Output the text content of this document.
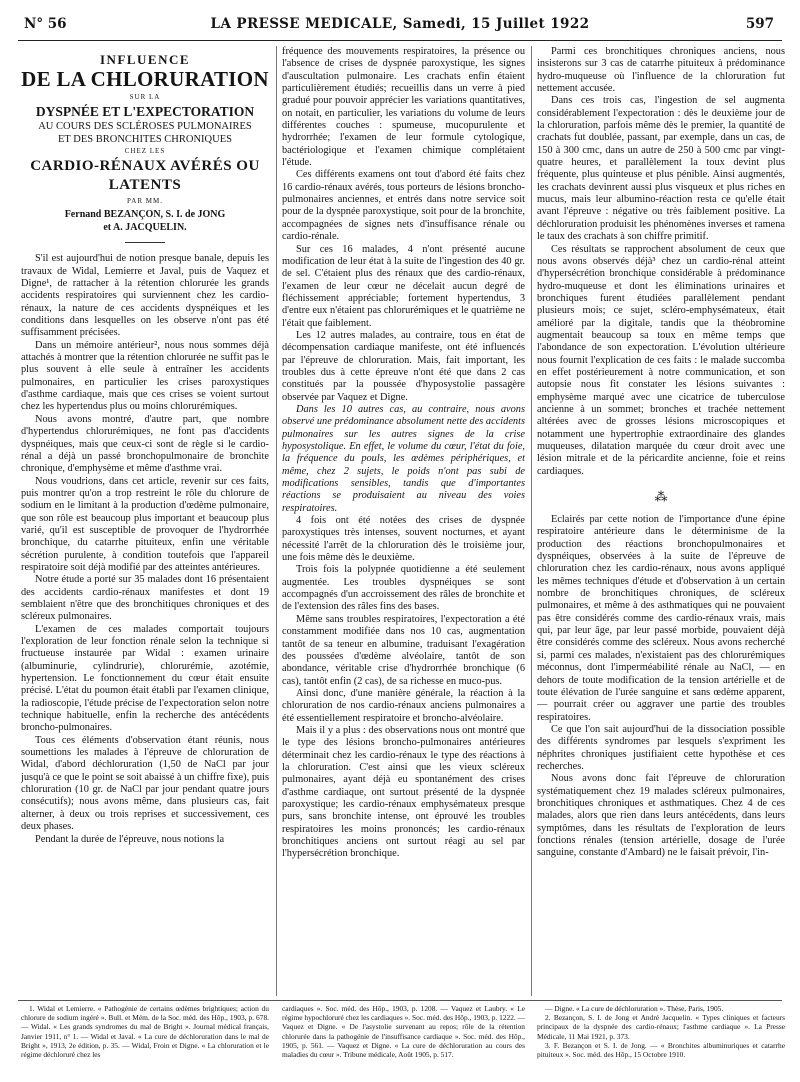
N° 56	LA PRESSE MEDICALE, Samedi, 15 Juillet 1922	597
INFLUENCE
DE LA CHLORURATION
SUR LA
DYSPNÉE ET L'EXPECTORATION
AU COURS DES SCLÉROSES PULMONAIRES
ET DES BRONCHITES CHRONIQUES
CHEZ LES
CARDIO-RÉNAUX AVÉRÉS OU LATENTS
PAR MM.
Fernand BEZANÇON, S. I. de JONG
et A. JACQUELIN.

S'il est aujourd'hui de notion presque banale, depuis les travaux de Widal, Lemierre et Javal, puis de Vaquez et Digne¹, de rattacher à la rétention chlorurée les grands accidents respiratoires qui surviennent chez les cardio-rénaux, la nature de ces accidents dyspnéiques et les conditions dans lesquelles on les observe n'ont pas été suffisamment précisées.

Dans un mémoire antérieur², nous nous sommes déjà attachés à montrer que la rétention chlorurée ne suffit pas le plus souvent à elle seule à entraîner les accidents pulmonaires, en particulier les crises paroxystiques d'asthme cardiaque, mais que ces crises se voient surtout chez les hypertendus plus ou moins chlorurémiques.

Nous avons montré, d'autre part, que nombre d'hypertendus chlorurémiques, ne font pas d'accidents dyspnéiques, mais que ceux-ci sont de règle si le cardio-rénal a déjà un passé bronchopulmonaire de bronchite chronique, d'emphysème et même d'asthme vrai.

Nous voudrions, dans cet article, revenir sur ces faits, puis montrer qu'on a trop restreint le rôle du chlorure de sodium en le limitant à la production d'œdème pulmonaire, que son rôle est beaucoup plus important et beaucoup plus varié, qu'il est susceptible de provoquer de l'hydrorrhée bronchique, du catarrhe pituiteux, enfin une véritable sécrétion purulente, à condition toutefois que l'appareil respiratoire soit déjà modifié par des atteintes antérieures.

Notre étude a porté sur 35 malades dont 16 présentaient des accidents cardio-rénaux manifestes et dont 19 semblaient n'être que des bronchitiques chroniques et des scléreux pulmonaires.

L'examen de ces malades comportait toujours l'exploration de leur fonction rénale selon la technique si fructueuse instaurée par Widal : examen urinaire (albuminurie, cylindrurie), chlorurémie, azotémie, hypertension. Le fonctionnement du cœur était ensuite précisé. L'état du poumon était établi par l'examen clinique, la radioscopie, l'étude précise de l'expectoration selon notre technique habituelle, enfin la recherche des antécédents broncho-pulmonaires.

Tous ces éléments d'observation étant réunis, nous soumettions les malades à l'épreuve de chloruration de Widal, d'abord déchloruration (1,50 de NaCl par jour jusqu'à ce que le point se soit abaissé à un chiffre fixe), puis chloruration (10 gr. de NaCl par jour pendant quatre jours consécutifs); nous avons même, dans plusieurs cas, fait alterner, à deux ou trois reprises et successivement, ces deux phases.

Pendant la durée de l'épreuve, nous notions la

fréquence des mouvements respiratoires, la présence ou l'absence de crises de dyspnée paroxystique, les signes d'auscultation pulmonaire. Les crachats enfin étaient particulièrement étudiés; recueillis dans un verre à pied gradué pour pouvoir apprécier les variations quantitatives, on notait, en particulier, les variations du volume de leurs différentes couches : spumeuse, mucopurulente et hydrorrhée; l'examen de leur formule cytologique, bactériologique et l'examen chimique complétaient l'étude.

Ces différents examens ont tout d'abord été faits chez 16 cardio-rénaux avérés, tous porteurs de lésions broncho-pulmonaires anciennes, et entrés dans notre service soit pour de la dyspnée paroxystique, soit pour de la bronchite, accompagnées de signes nets d'insuffisance rénale ou cardio-rénale.

Sur ces 16 malades, 4 n'ont présenté aucune modification de leur état à la suite de l'ingestion des 40 gr. de sel. C'étaient plus des rénaux que des cardio-rénaux, l'examen de leur cœur ne décelait aucun degré de fléchissement appréciable; fortement hypertendus, 3 d'entre eux n'étaient pas chlorurémiques et le quatrième ne l'était que faiblement.

Les 12 autres malades, au contraire, tous en état de décompensation cardiaque manifeste, ont été influencés par l'épreuve de chloruration. Mais, fait important, les troubles dus à cette épreuve n'ont été que dans 2 cas constitués par la poussée d'hyposystolie passagère observée par Vaquez et Digne.

Dans les 10 autres cas, au contraire, nous avons observé une prédominance absolument nette des accidents pulmonaires sur les autres signes de la crise hyposystolique. En effet, le volume du cœur, l'état du foie, la fréquence du pouls, les œdèmes périphériques, et même, chez 2 sujets, le poids n'ont pas subi de modifications sensibles, tandis que d'importantes réactions se produisaient au niveau des voies respiratoires.

4 fois ont été notées des crises de dyspnée paroxystiques très intenses, souvent nocturnes, et ayant nécessité l'arrêt de la chloruration dès le troisième jour, une fois même dès le deuxième.

Trois fois la polypnée quotidienne a été seulement augmentée. Les troubles dyspnéiques se sont accompagnés d'un accroissement des râles de bronchite et de l'extension des râles fins des bases.

Même sans troubles respiratoires, l'expectoration a été constamment modifiée dans nos 10 cas, augmentation tantôt de sa teneur en albumine, traduisant l'exagération des poussées d'œdème alvéolaire, tantôt de son abondance, véritable crise d'hydrorrhée bronchique (6 cas), tantôt enfin (2 cas), de sa richesse en muco-pus.

Ainsi donc, d'une manière générale, la réaction à la chloruration de nos cardio-rénaux anciens pulmonaires a été essentiellement respiratoire et broncho-alvéolaire.

Mais il y a plus : des observations nous ont montré que le type des lésions broncho-pulmonaires antérieures déterminait chez les cardio-rénaux le type des réactions à la chloruration. C'est ainsi que les vieux scléreux pulmonaires, ayant déjà eu spontanément des crises d'asthme cardiaque, ont surtout présenté de la dyspnée paroxystique; les cardio-rénaux emphysémateux presque purs, sans bronchite intense, ont éprouvé les troubles respiratoires les moins prononcés; les cardio-rénaux bronchitiques anciens ont surtout réagi au sel par l'hypersécrétion bronchique.

Parmi ces bronchitiques chroniques anciens, nous insisterons sur 3 cas de catarrhe pituiteux à prédominance hydro-muqueuse où l'influence de la chloruration fut nettement accusée.

Dans ces trois cas, l'ingestion de sel augmenta considérablement l'expectoration : dès le deuxième jour de la chloruration, parfois même dès le premier, la quantité de crachats fut doublée, passant, par exemple, dans un cas, de 150 à 300 cmc, dans un autre de 250 à 500 cmc par vingt-quatre heures, et parallèlement la toux devint plus fréquente, plus quinteuse et plus pénible. Ainsi augmentés, les crachats devinrent aussi plus visqueux et plus riches en mucus, mais leur albumino-réaction resta ce qu'elle était avant l'épreuve : négative ou très faiblement positive. La déchloruration produisit les phénomènes inverses et ramena le taux des crachats à son chiffre primitif.

Ces résultats se rapprochent absolument de ceux que nous avons observés déjà³ chez un cardio-rénal atteint d'hypersécrétion bronchique considérable à prédominance hydro-muqueuse et dont les éliminations urinaires et bronchiques furent étudiées parallèlement pendant plusieurs mois; ce sujet, scléro-emphysémateux, était amélioré par la digitale, tandis que la théobromine augmentait beaucoup sa toux en même temps que l'abondance de son expectoration. L'évolution ultérieure nous fournit l'explication de ces faits : le malade succomba en effet postérieurement à notre communication, et son autopsie nous fit constater les lésions suivantes : emphysème marqué avec une cicatrice de tuberculose ancienne à un sommet; bronches et trachée nettement altérées avec de grosses lésions microscopiques et notamment une hypertrophie extraordinaire des glandes muqueuses, dilatation marquée du cœur droit avec une lésion mitrale et de la péricardite ancienne, foie et reins cardiaques.

⁂

Eclairés par cette notion de l'importance d'une épine respiratoire antérieure dans le déterminisme de la production des réactions bronchopulmonaires et dyspnéiques, observées à la suite de l'épreuve de chloruration chez les cardio-rénaux, nous avons appliqué les mêmes techniques d'étude et d'observation à un certain nombre de bronchitiques chroniques, de scléreux pulmonaires, et même à des asthmatiques qui ne pouvaient pas être considérés comme des cardio-rénaux vrais, mais qui, par leur âge, par leur passé morbide, pouvaient déjà être considérés comme des scléreux. Nous avons recherché si, parmi ces malades, n'existaient pas des chlorurémiques méconnus, dont l'imperméabilité rénale au NaCl, — en dehors de toute modification de la tension artérielle et de toute élévation de l'urée sanguine et sans œdème apparent, — pourrait créer ou aggraver une partie des troubles respiratoires.

Ce que l'on sait aujourd'hui de la dissociation possible des différents syndromes par lesquels s'expriment les néphrites chroniques justifiaient cette hypothèse et ces recherches.

Nous avons donc fait l'épreuve de chloruration systématiquement chez 19 malades scléreux pulmonaires, bronchitiques chroniques et asthmatiques. Chez 4 de ces malades, alors que rien dans leurs antécédents, dans leurs symptômes, dans les résultats de l'exploration de leurs fonctions rénales (tension artérielle, dosage de l'urée sanguine, constante d'Ambard) ne le faisait prévoir, l'in-

1. Widal et Lemierre. « Pathogénie de certains œdèmes brightiques; action du chlorure de sodium ingéré ». Bull. et Mém. de la Soc. méd. des Hôp., 1903, p. 678. — Widal. « Les grands syndromes du mal de Bright ». Journal médical français, Janvier 1911, n° 1. — Widal et Javal. « La cure de déchloruration dans le mal de Bright », 1913, 2e édition, p. 35. — Widal, Froin et Digne. « La chloruration et le régime déchloruré chez les

cardiaques ». Soc. méd. des Hôp., 1903, p. 1208. — Vaquez et Laubry. « Le régime hypochloruré chez les cardiaques ». Soc. méd. des Hôp., 1903, p. 1222. — Vaquez et Digne. « De l'asystolie survenant au repos; rôle de la rétention chlorurée dans la pathogénie de l'insuffisance cardiaque ». Soc. méd. des Hôp., 1905, p. 561. — Vaquez et Digne. « La cure de déchloruration au cours des maladies du cœur ». Tribune médicale, Août 1905, p. 517.

— Digne. « La cure de déchloruration ». Thèse, Paris, 1905.

2. Bezançon, S. I. de Jong et André Jacquelin. « Types cliniques et facteurs principaux de la dyspnée des cardio-rénaux; l'asthme cardiaque ». La Presse Médicale, 11 Mai 1921, p. 373.

3. F. Bezançon et S. I. de Jong. — « Bronchites albuminuriques et catarrhe pituiteux ». Soc. méd. des Hôp., 15 Octobre 1910.
